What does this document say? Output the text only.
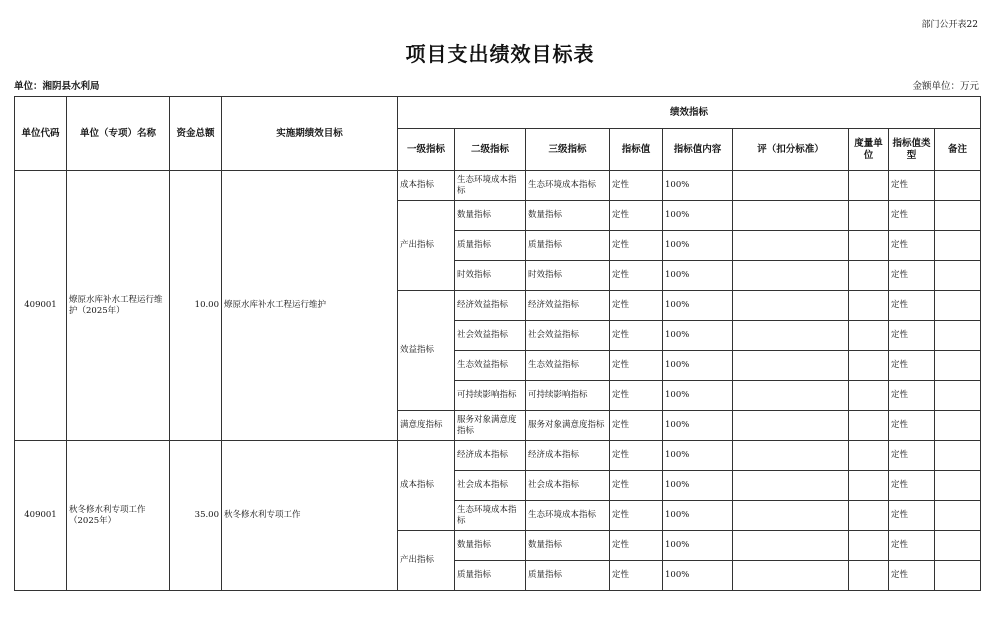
部门公开表22
项目支出绩效目标表
单位：湘阴县水利局	金额单位：万元
单位代码	单位（专项）名称	资金总额	实施期绩效目标	绩效指标								
				一级指标	二级指标	三级指标	指标值	指标值内容	评（扣分标准）	度量单位	指标值类型	备注
409001	燎原水库补水工程运行维护（2025年）	10.00	燎原水库补水工程运行维护	成本指标	生态环境成本指标	生态环境成本指标	定性	100%			定性	
				产出指标	数量指标	数量指标	定性	100%			定性	
					质量指标	质量指标	定性	100%			定性	
					时效指标	时效指标	定性	100%			定性	
				效益指标	经济效益指标	经济效益指标	定性	100%			定性	
					社会效益指标	社会效益指标	定性	100%			定性	
					生态效益指标	生态效益指标	定性	100%			定性	
					可持续影响指标	可持续影响指标	定性	100%			定性	
				满意度指标	服务对象满意度指标	服务对象满意度指标	定性	100%			定性	
409001	秋冬修水利专项工作（2025年）	35.00	秋冬修水利专项工作	成本指标	经济成本指标	经济成本指标	定性	100%			定性	
					社会成本指标	社会成本指标	定性	100%			定性	
					生态环境成本指标	生态环境成本指标	定性	100%			定性	
				产出指标	数量指标	数量指标	定性	100%			定性	
					质量指标	质量指标	定性	100%			定性	
